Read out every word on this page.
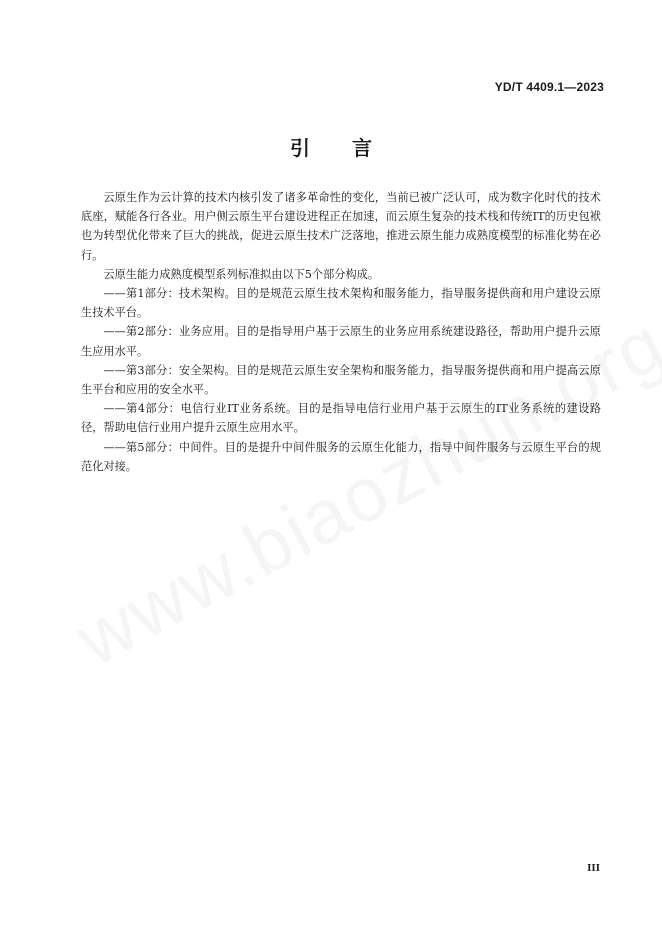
YD/T 4409.1—2023
引 言

云原生作为云计算的技术内核引发了诸多革命性的变化，当前已被广泛认可，成为数字化时代的技术底座，赋能各行各业。用户侧云原生平台建设进程正在加速，而云原生复杂的技术栈和传统IT的历史包袱也为转型优化带来了巨大的挑战，促进云原生技术广泛落地，推进云原生能力成熟度模型的标准化势在必行。

云原生能力成熟度模型系列标准拟由以下5个部分构成。

——第1部分：技术架构。目的是规范云原生技术架构和服务能力，指导服务提供商和用户建设云原生技术平台。

——第2部分：业务应用。目的是指导用户基于云原生的业务应用系统建设路径，帮助用户提升云原生应用水平。

——第3部分：安全架构。目的是规范云原生安全架构和服务能力，指导服务提供商和用户提高云原生平台和应用的安全水平。

——第4部分：电信行业IT业务系统。目的是指导电信行业用户基于云原生的IT业务系统的建设路径，帮助电信行业用户提升云原生应用水平。

——第5部分：中间件。目的是提升中间件服务的云原生化能力，指导中间件服务与云原生平台的规范化对接。

III
